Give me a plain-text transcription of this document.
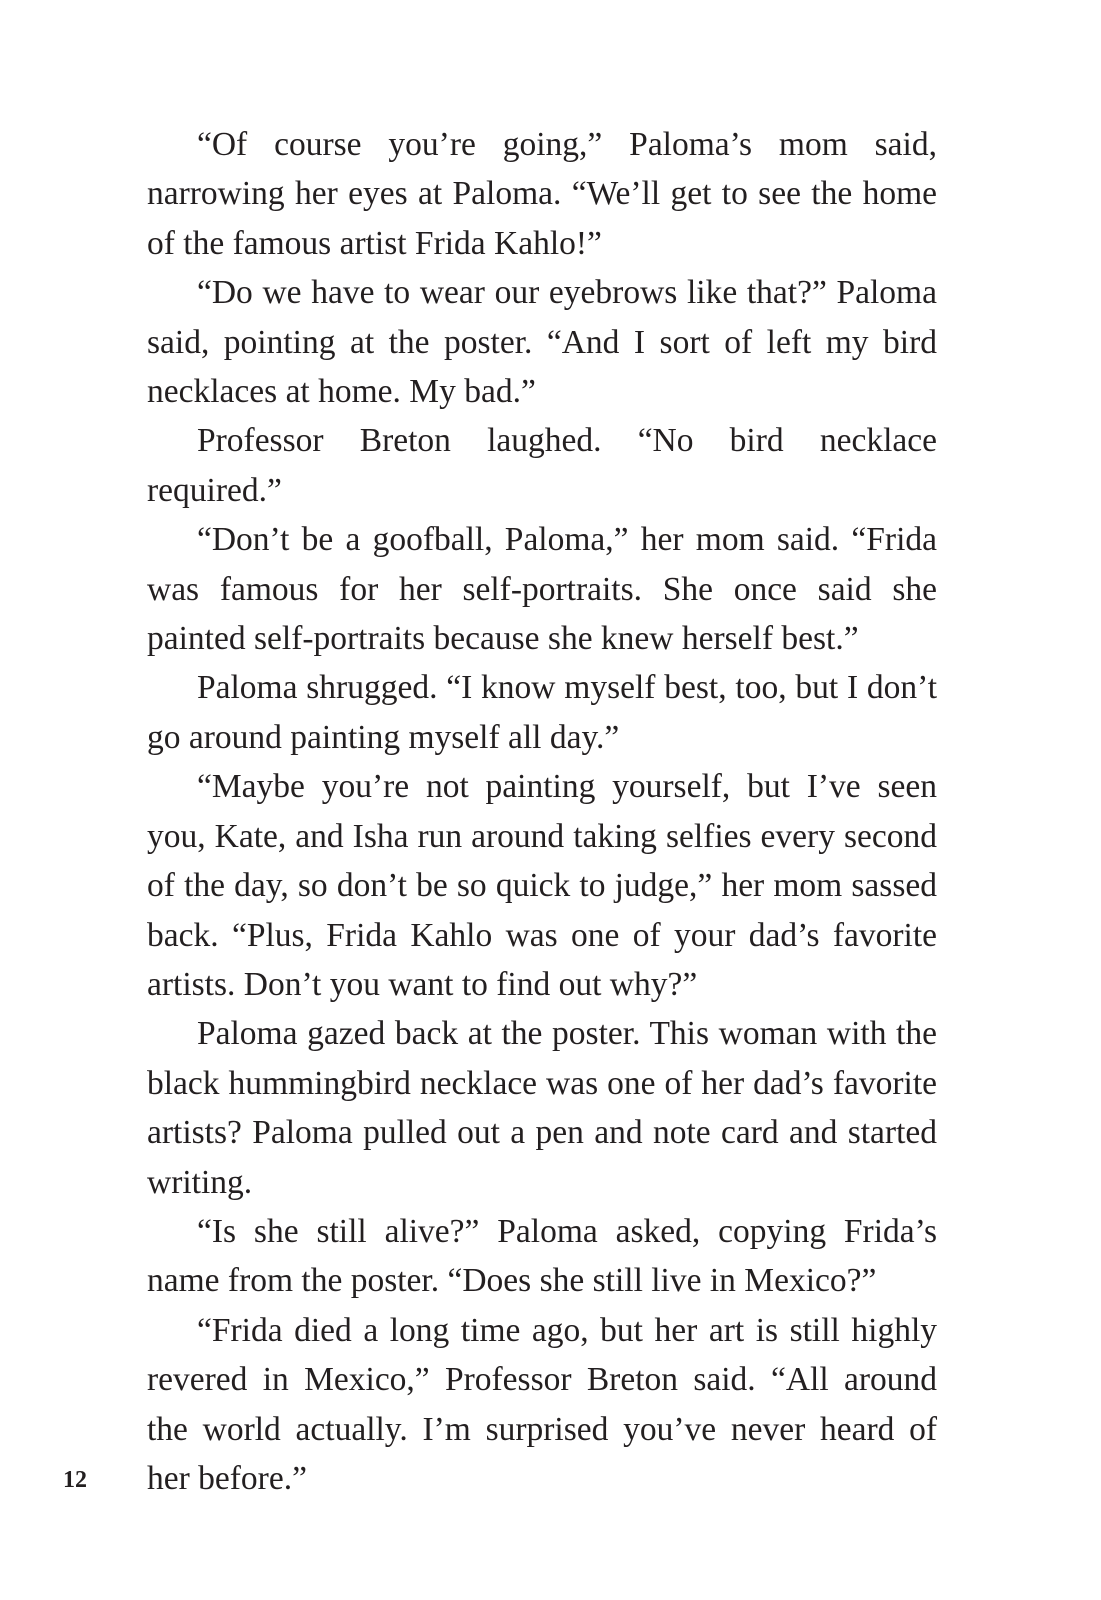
“Of course you’re going,” Paloma’s mom said, narrowing her eyes at Paloma. “We’ll get to see the home of the famous artist Frida Kahlo!”

“Do we have to wear our eyebrows like that?” Paloma said, pointing at the poster. “And I sort of left my bird necklaces at home. My bad.”

Professor Breton laughed. “No bird necklace required.”

“Don’t be a goofball, Paloma,” her mom said. “Frida was famous for her self-portraits. She once said she painted self-portraits because she knew herself best.”

Paloma shrugged. “I know myself best, too, but I don’t go around painting myself all day.”

“Maybe you’re not painting yourself, but I’ve seen you, Kate, and Isha run around taking selfies every second of the day, so don’t be so quick to judge,” her mom sassed back. “Plus, Frida Kahlo was one of your dad’s favorite artists. Don’t you want to find out why?”

Paloma gazed back at the poster. This woman with the black hummingbird necklace was one of her dad’s favorite artists? Paloma pulled out a pen and note card and started writing.

“Is she still alive?” Paloma asked, copying Frida’s name from the poster. “Does she still live in Mexico?”

“Frida died a long time ago, but her art is still highly revered in Mexico,” Professor Breton said. “All around the world actually. I’m surprised you’ve never heard of her before.”

12
